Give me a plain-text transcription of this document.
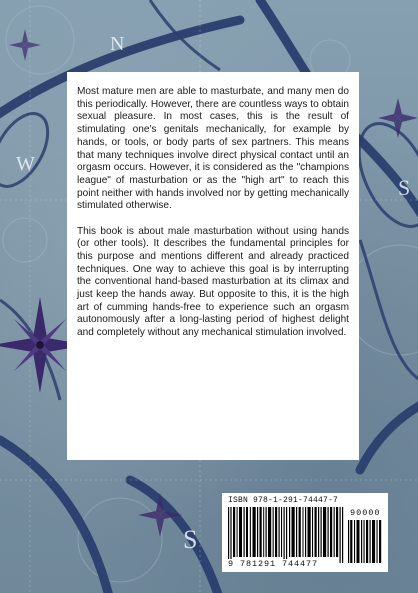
N
W
S
S

Most mature men are able to masturbate, and many men do this periodically. However, there are countless ways to obtain sexual pleasure. In most cases, this is the result of stimulating one's genitals mechanically, for example by hands, or tools, or body parts of sex partners. This means that many techniques involve direct physical contact until an orgasm occurs. However, it is considered as the "champions league" of masturbation or as the "high art" to reach this point neither with hands involved nor by getting mechanically stimulated otherwise.

This book is about male masturbation without using hands (or other tools). It describes the fundamental principles for this purpose and mentions different and already practiced techniques. One way to achieve this goal is by interrupting the conventional hand-based masturbation at its climax and just keep the hands away. But opposite to this, it is the high art of cumming hands-free to experience such an orgasm autonomously after a long-lasting period of highest delight and completely without any mechanical stimulation involved.

ISBN 978-1-291-74447-7
90000
9 781291 744477
